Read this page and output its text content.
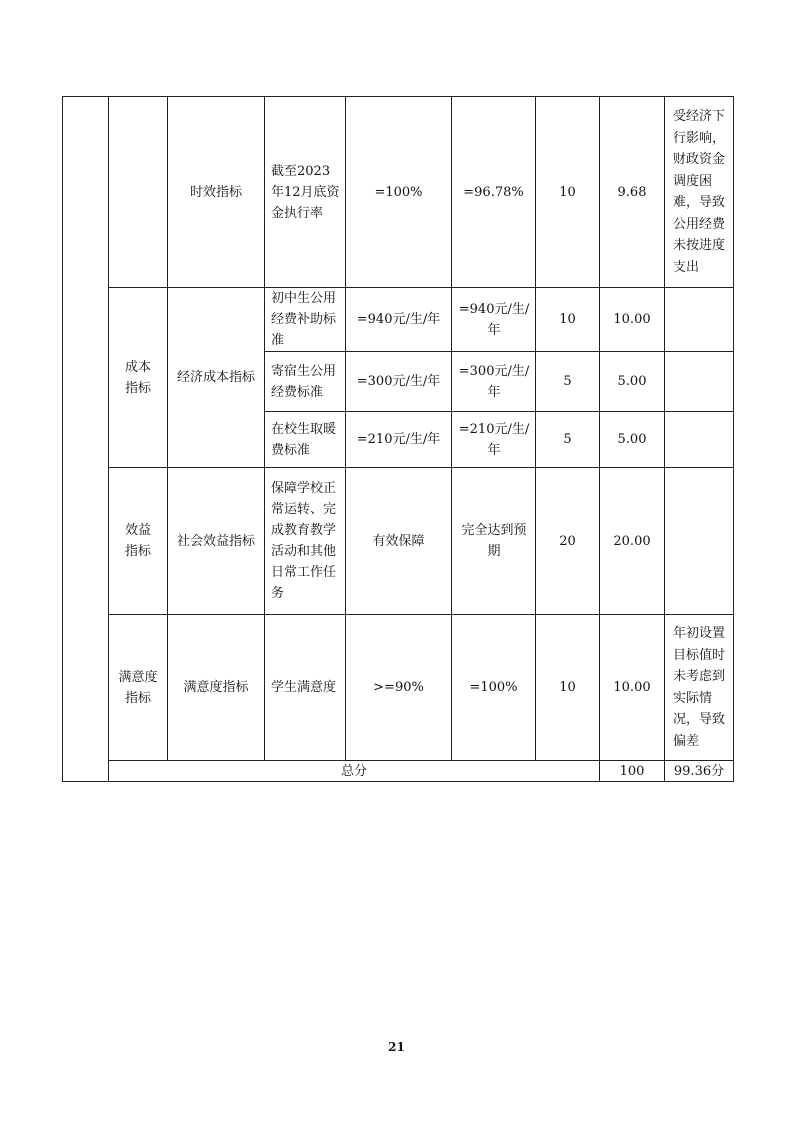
		时效指标	截至2023年12月底资金执行率	=100%	=96.78%	10	9.68	受经济下行影响，财政资金调度困难，导致公用经费未按进度支出	
	成本指标	经济成本指标	初中生公用经费补助标准	=940元/生/年	=940元/生/年	10	10.00		
			寄宿生公用经费标准	=300元/生/年	=300元/生/年	5	5.00		
			在校生取暖费标准	=210元/生/年	=210元/生/年	5	5.00		
	效益指标	社会效益指标	保障学校正常运转、完成教育教学活动和其他日常工作任务	有效保障	完全达到预期	20	20.00		
	满意度指标	满意度指标	学生满意度	>=90%	=100%	10	10.00	年初设置目标值时未考虑到实际情况，导致偏差	
	总分						100	99.36分	
21
